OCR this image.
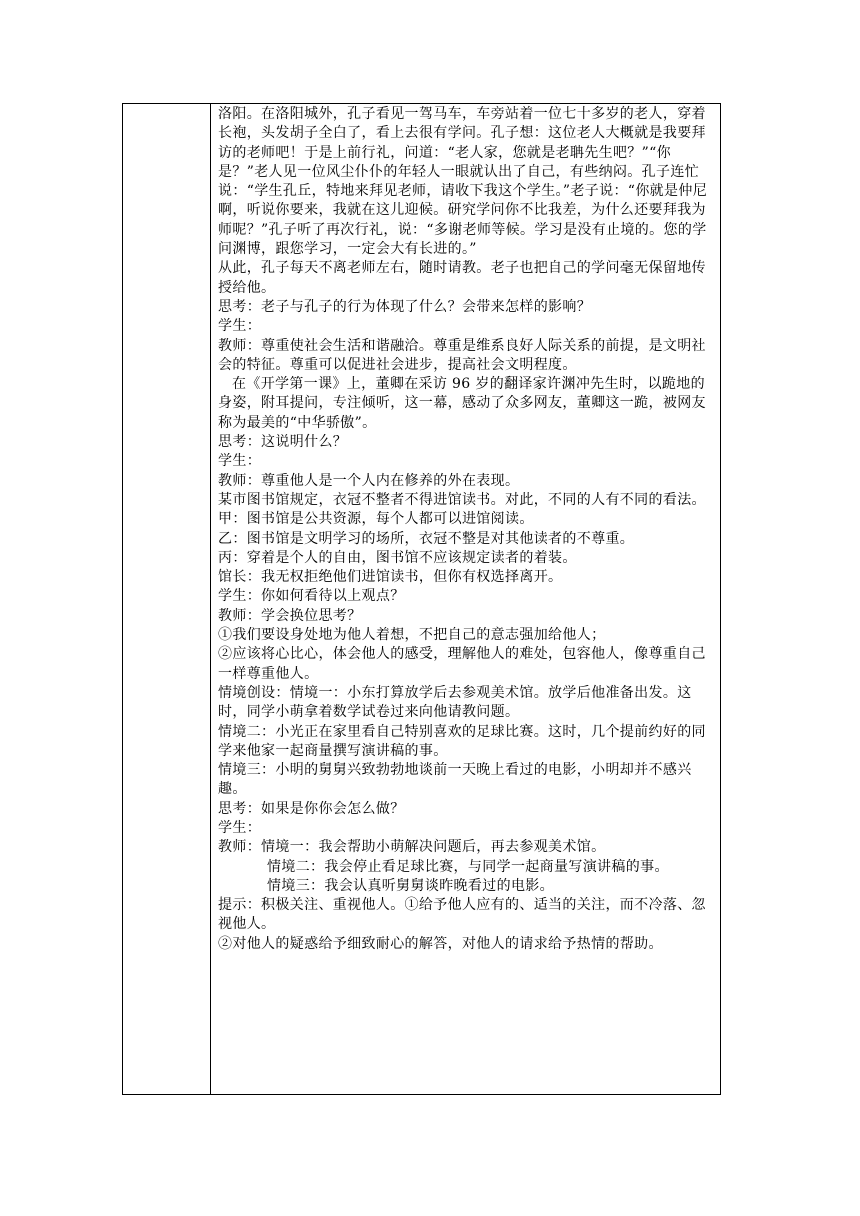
洛阳。在洛阳城外，孔子看见一驾马车，车旁站着一位七十多岁的老人，穿着长袍，头发胡子全白了，看上去很有学问。孔子想：这位老人大概就是我要拜访的老师吧！于是上前行礼，问道：“老人家，您就是老聃先生吧？”“你是？”老人见一位风尘仆仆的年轻人一眼就认出了自己，有些纳闷。孔子连忙说：“学生孔丘，特地来拜见老师，请收下我这个学生。”老子说：“你就是仲尼啊，听说你要来，我就在这儿迎候。研究学问你不比我差，为什么还要拜我为师呢？”孔子听了再次行礼，说：“多谢老师等候。学习是没有止境的。您的学问渊博，跟您学习，一定会大有长进的。”

从此，孔子每天不离老师左右，随时请教。老子也把自己的学问毫无保留地传授给他。

思考：老子与孔子的行为体现了什么？会带来怎样的影响？

学生：

教师：尊重使社会生活和谐融洽。尊重是维系良好人际关系的前提，是文明社会的特征。尊重可以促进社会进步，提高社会文明程度。

在《开学第一课》上，董卿在采访 96 岁的翻译家许渊冲先生时，以跪地的身姿，附耳提问，专注倾听，这一幕，感动了众多网友，董卿这一跪，被网友称为最美的“中华骄傲”。

思考：这说明什么？

学生：

教师：尊重他人是一个人内在修养的外在表现。

某市图书馆规定，衣冠不整者不得进馆读书。对此，不同的人有不同的看法。

甲：图书馆是公共资源，每个人都可以进馆阅读。

乙：图书馆是文明学习的场所，衣冠不整是对其他读者的不尊重。

丙：穿着是个人的自由，图书馆不应该规定读者的着装。

馆长：我无权拒绝他们进馆读书，但你有权选择离开。

学生：你如何看待以上观点？

教师：学会换位思考？

①我们要设身处地为他人着想，不把自己的意志强加给他人；

②应该将心比心，体会他人的感受，理解他人的难处，包容他人，像尊重自己一样尊重他人。

情境创设：情境一：小东打算放学后去参观美术馆。放学后他准备出发。这时，同学小萌拿着数学试卷过来向他请教问题。

情境二：小光正在家里看自己特别喜欢的足球比赛。这时，几个提前约好的同学来他家一起商量撰写演讲稿的事。

情境三：小明的舅舅兴致勃勃地谈前一天晚上看过的电影，小明却并不感兴趣。

思考：如果是你你会怎么做？

学生：

教师：情境一：我会帮助小萌解决问题后，再去参观美术馆。

情境二：我会停止看足球比赛，与同学一起商量写演讲稿的事。

情境三：我会认真听舅舅谈昨晚看过的电影。

提示：积极关注、重视他人。①给予他人应有的、适当的关注，而不冷落、忽视他人。

②对他人的疑惑给予细致耐心的解答，对他人的请求给予热情的帮助。
